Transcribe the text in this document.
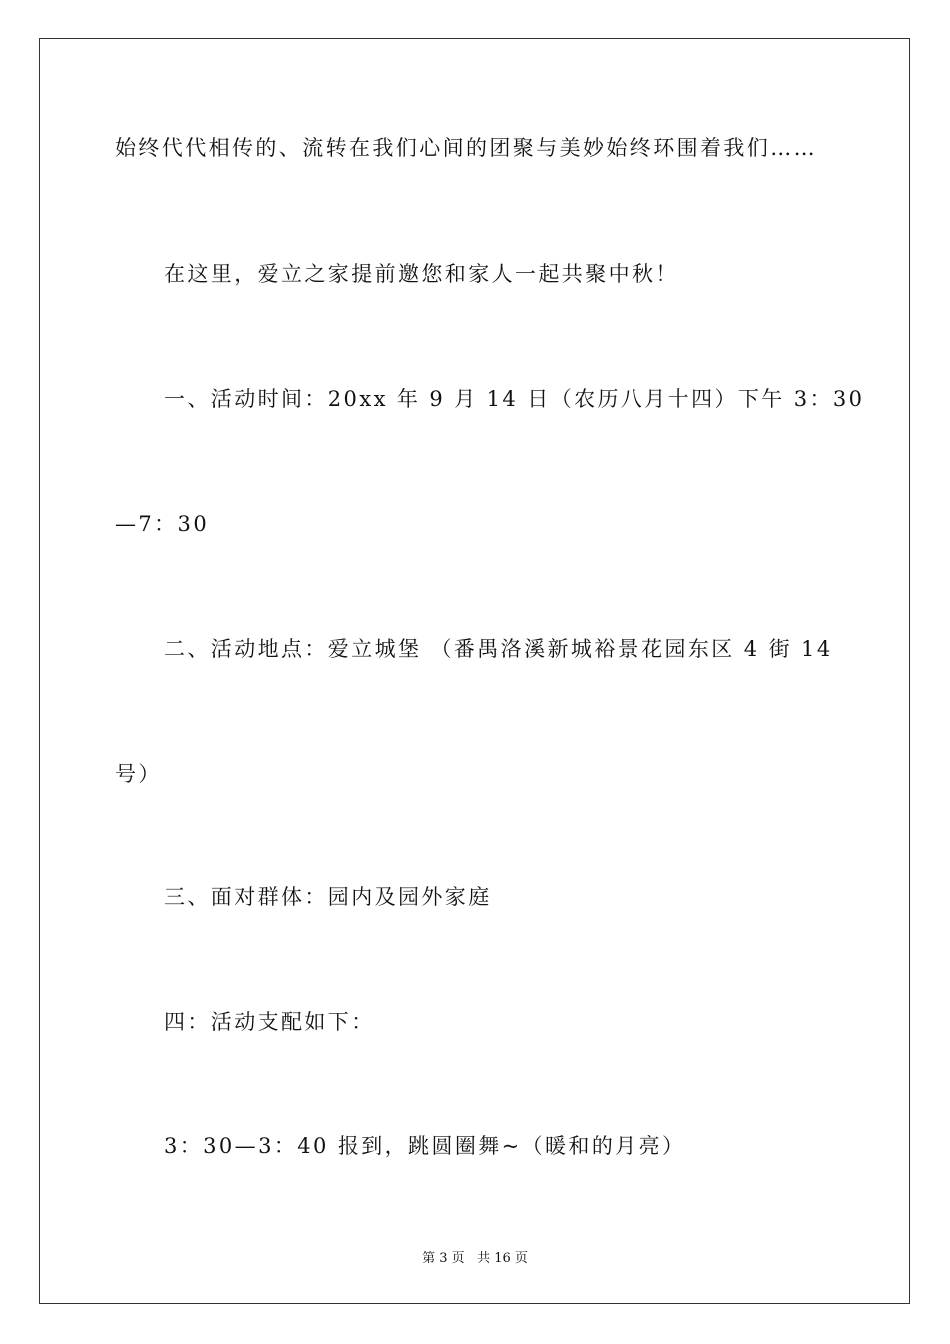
始终代代相传的、流转在我们心间的团聚与美妙始终环围着我们……
在这里，爱立之家提前邀您和家人一起共聚中秋！
一、活动时间：20xx 年 9 月 14 日（农历八月十四）下午 3：30
—7：30
二、活动地点：爱立城堡 （番禺洛溪新城裕景花园东区 4 街 14
号）
三、面对群体：园内及园外家庭
四：活动支配如下：
3：30—3：40 报到，跳圆圈舞~（暖和的月亮）
第 3 页 共 16 页
